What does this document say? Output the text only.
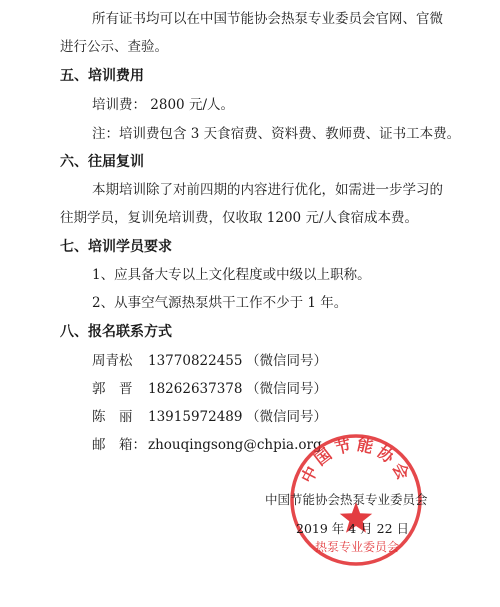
所有证书均可以在中国节能协会热泵专业委员会官网、官微
进行公示、查验。
五、培训费用
培训费： 2800 元/人。
注：培训费包含 3 天食宿费、资料费、教师费、证书工本费。
六、往届复训
本期培训除了对前四期的内容进行优化，如需进一步学习的
往期学员，复训免培训费，仅收取 1200 元/人食宿成本费。
七、培训学员要求
1、应具备大专以上文化程度或中级以上职称。
2、从事空气源热泵烘干工作不少于 1 年。
八、报名联系方式
周青松 13770822455 （微信同号）
郭　晋 18262637378 （微信同号）
陈　丽 13915972489 （微信同号）
邮　箱： zhouqingsong@chpia.org
中国节能协会
中国节能协会热泵专业委员会
2019 年 4 月 22 日
热泵专业委员会
